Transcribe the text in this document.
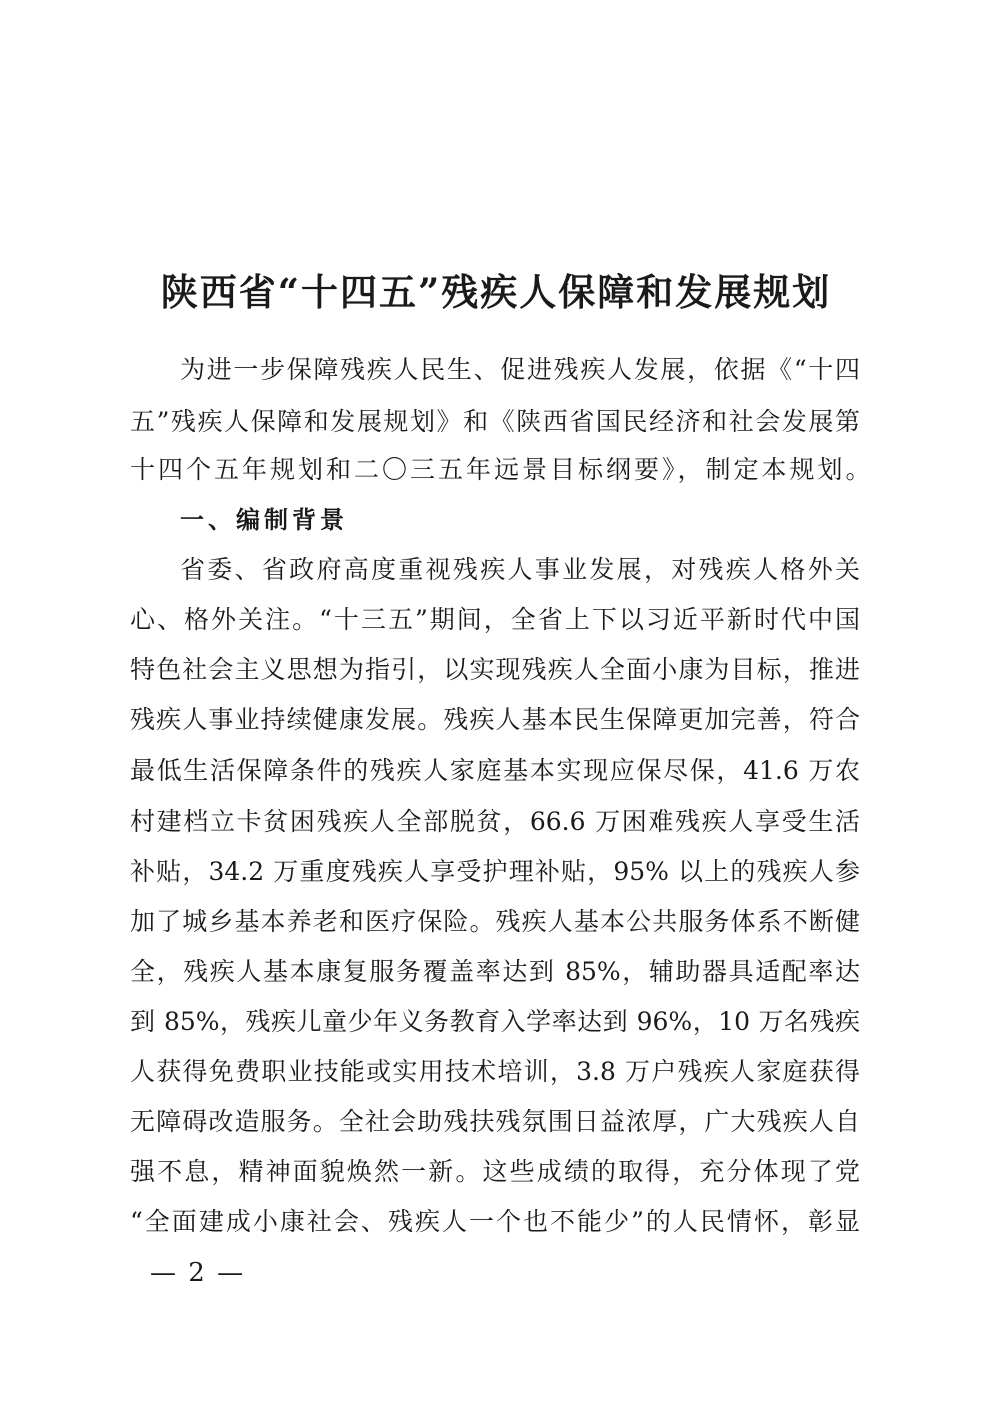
陕西省“十四五”残疾人保障和发展规划
为进一步保障残疾人民生、促进残疾人发展，依据《“十四
五”残疾人保障和发展规划》和《陕西省国民经济和社会发展第
十四个五年规划和二〇三五年远景目标纲要》，制定本规划。
一、编制背景
省委、省政府高度重视残疾人事业发展，对残疾人格外关
心、格外关注。“十三五”期间，全省上下以习近平新时代中国
特色社会主义思想为指引，以实现残疾人全面小康为目标，推进
残疾人事业持续健康发展。残疾人基本民生保障更加完善，符合
最低生活保障条件的残疾人家庭基本实现应保尽保，41.6 万农
村建档立卡贫困残疾人全部脱贫，66.6 万困难残疾人享受生活
补贴，34.2 万重度残疾人享受护理补贴，95% 以上的残疾人参
加了城乡基本养老和医疗保险。残疾人基本公共服务体系不断健
全，残疾人基本康复服务覆盖率达到 85%，辅助器具适配率达
到 85%，残疾儿童少年义务教育入学率达到 96%，10 万名残疾
人获得免费职业技能或实用技术培训，3.8 万户残疾人家庭获得
无障碍改造服务。全社会助残扶残氛围日益浓厚，广大残疾人自
强不息，精神面貌焕然一新。这些成绩的取得，充分体现了党
“全面建成小康社会、残疾人一个也不能少”的人民情怀，彰显
— 2 —
